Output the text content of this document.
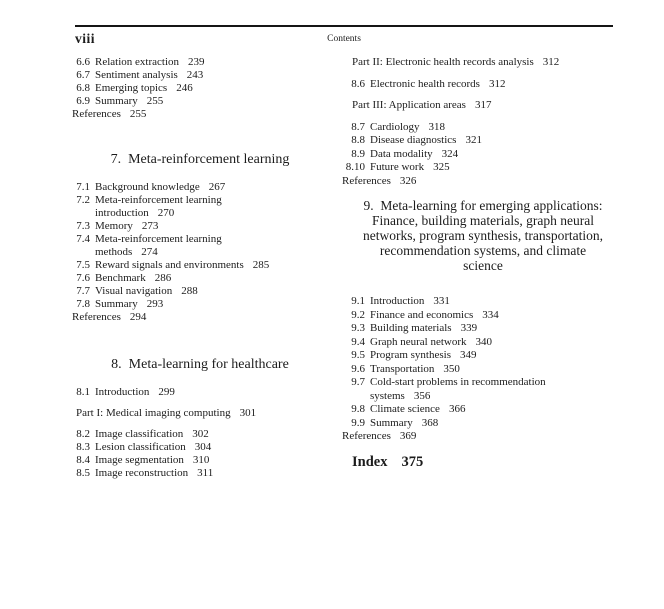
viii	Contents
6.6 Relation extraction 239
6.7 Sentiment analysis 243
6.8 Emerging topics 246
6.9 Summary 255
References 255
7.  Meta-reinforcement learning
7.1 Background knowledge 267
7.2 Meta-reinforcement learning
introduction 270
7.3 Memory 273
7.4 Meta-reinforcement learning
methods 274
7.5 Reward signals and environments 285
7.6 Benchmark 286
7.7 Visual navigation 288
7.8 Summary 293
References 294
8.  Meta-learning for healthcare
8.1 Introduction 299
Part I: Medical imaging computing 301
8.2 Image classification 302
8.3 Lesion classification 304
8.4 Image segmentation 310
8.5 Image reconstruction 311
Part II: Electronic health records analysis 312
8.6 Electronic health records 312
Part III: Application areas 317
8.7 Cardiology 318
8.8 Disease diagnostics 321
8.9 Data modality 324
8.10 Future work 325
References 326
9.  Meta-learning for emerging applications:
Finance, building materials, graph neural
networks, program synthesis, transportation,
recommendation systems, and climate
science
9.1 Introduction 331
9.2 Finance and economics 334
9.3 Building materials 339
9.4 Graph neural network 340
9.5 Program synthesis 349
9.6 Transportation 350
9.7 Cold-start problems in recommendation
systems 356
9.8 Climate science 366
9.9 Summary 368
References 369
Index 375
